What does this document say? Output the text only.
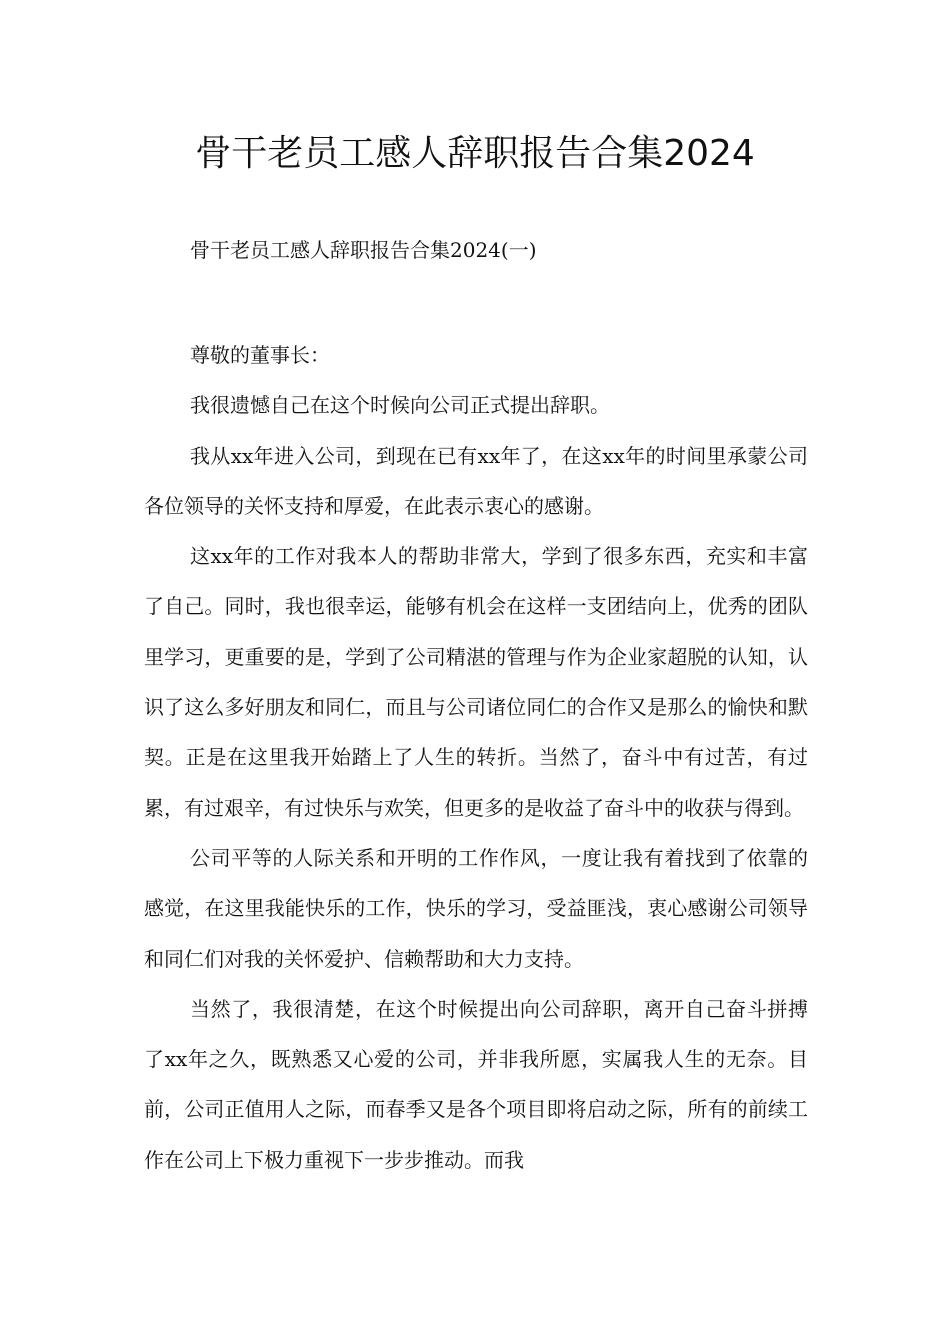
骨干老员工感人辞职报告合集2024

骨干老员工感人辞职报告合集2024(一)

尊敬的董事长：

我很遗憾自己在这个时候向公司正式提出辞职。

我从xx年进入公司，到现在已有xx年了，在这xx年的时间里承蒙公司各位领导的关怀支持和厚爱，在此表示衷心的感谢。

这xx年的工作对我本人的帮助非常大，学到了很多东西，充实和丰富了自己。同时，我也很幸运，能够有机会在这样一支团结向上，优秀的团队里学习，更重要的是，学到了公司精湛的管理与作为企业家超脱的认知，认识了这么多好朋友和同仁，而且与公司诸位同仁的合作又是那么的愉快和默契。正是在这里我开始踏上了人生的转折。当然了，奋斗中有过苦，有过累，有过艰辛，有过快乐与欢笑，但更多的是收益了奋斗中的收获与得到。

公司平等的人际关系和开明的工作作风，一度让我有着找到了依靠的感觉，在这里我能快乐的工作，快乐的学习，受益匪浅，衷心感谢公司领导和同仁们对我的关怀爱护、信赖帮助和大力支持。

当然了，我很清楚，在这个时候提出向公司辞职，离开自己奋斗拼搏了xx年之久，既熟悉又心爱的公司，并非我所愿，实属我人生的无奈。目前，公司正值用人之际，而春季又是各个项目即将启动之际，所有的前续工作在公司上下极力重视下一步步推动。而我
